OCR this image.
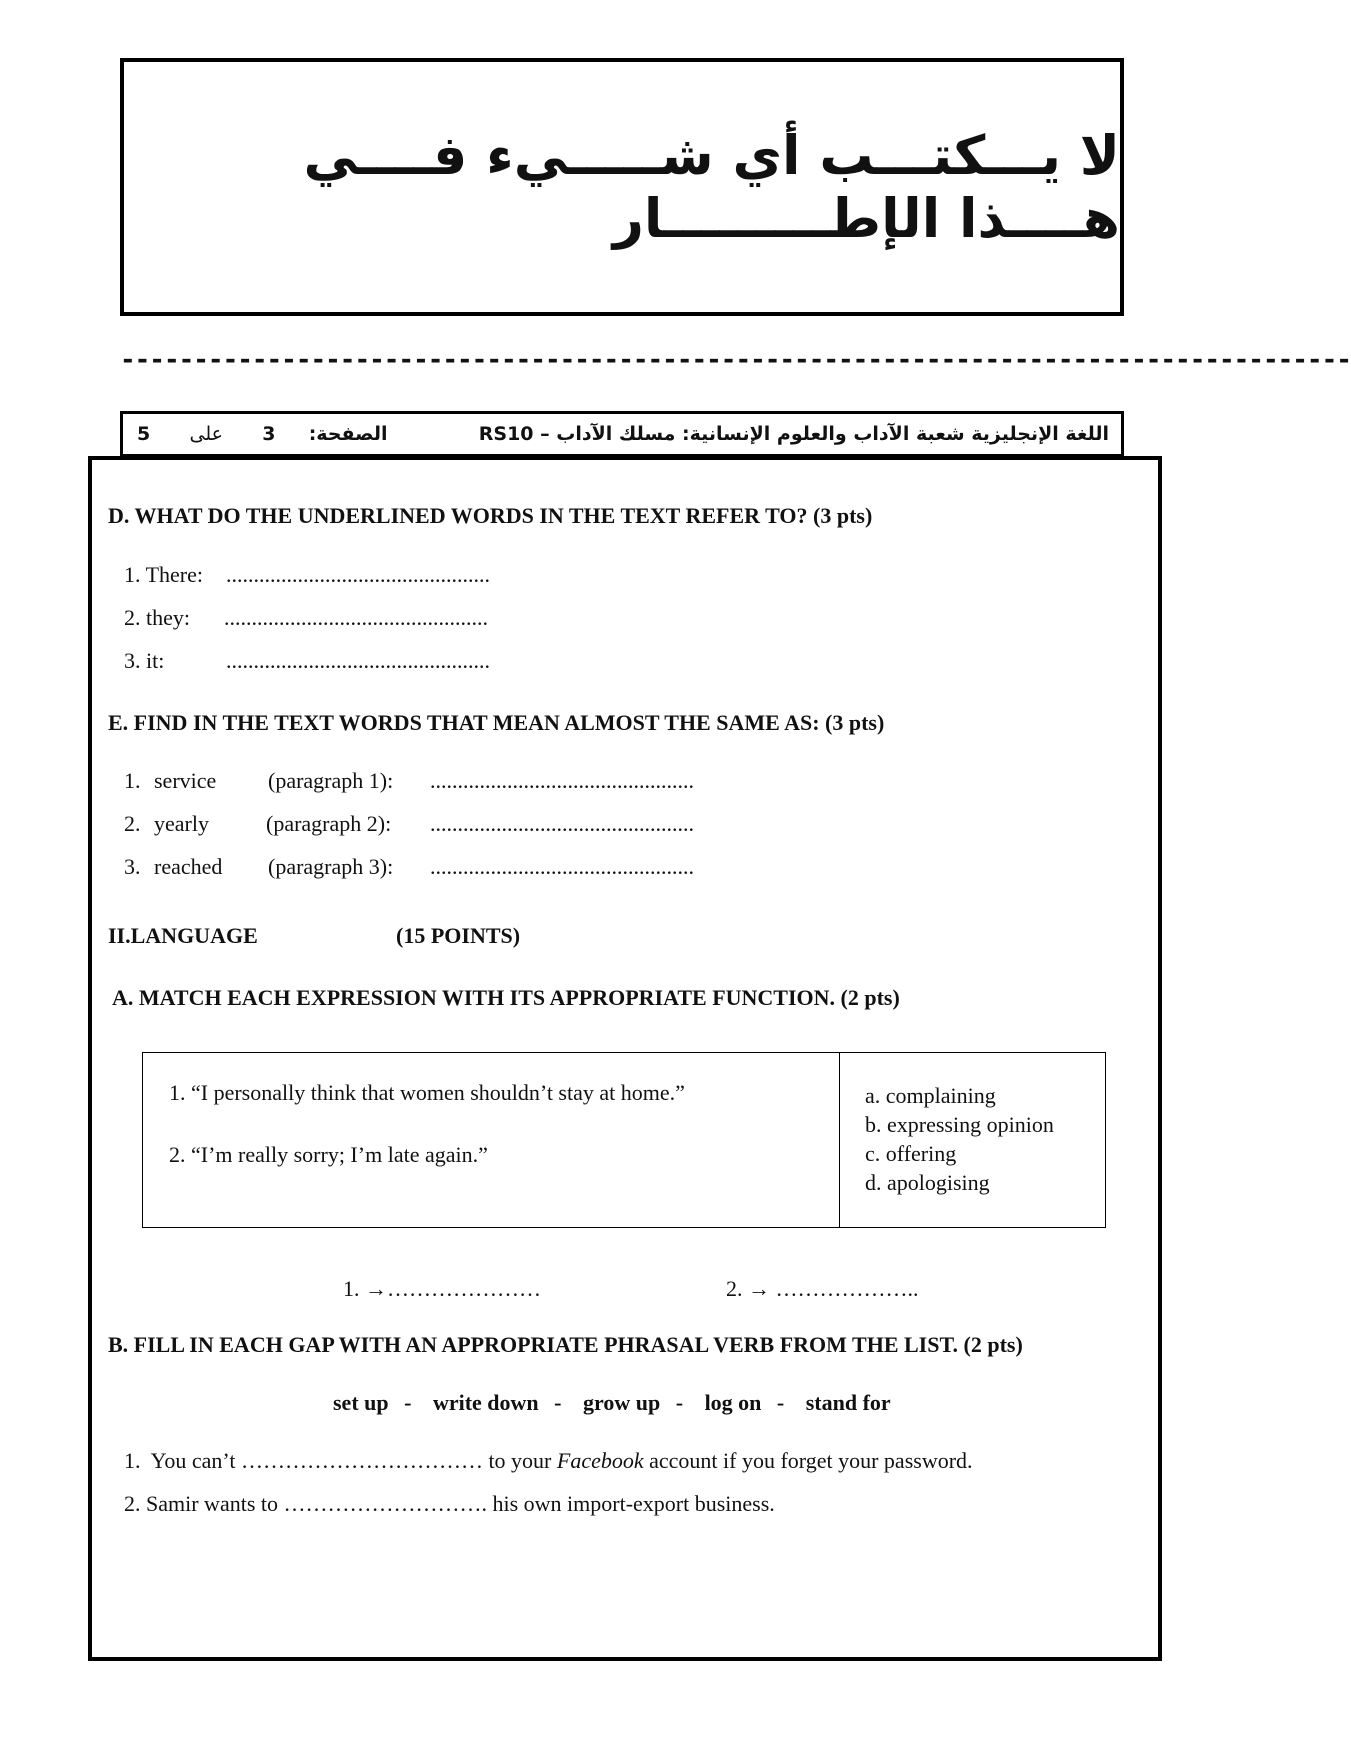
لا يـــكتـــب أي شـــــيء فــــي هــــذا الإطـــــــــار
------------------------------------------------------------------------------------
اللغة الإنجليزية شعبة الآداب والعلوم الإنسانية: مسلك الآداب – RS10
5 على 3 الصفحة:
D. WHAT DO THE UNDERLINED WORDS IN THE TEXT REFER TO? (3 pts)
1. There: ................................................
2. they: ................................................
3. it:	................................................
E. FIND IN THE TEXT WORDS THAT MEAN ALMOST THE SAME AS: (3 pts)
1. service (paragraph 1): ................................................
2. yearly	(paragraph 2): ................................................
3. reached (paragraph 3): ................................................
II.LANGUAGE	(15 POINTS)
A. MATCH EACH EXPRESSION WITH ITS APPROPRIATE FUNCTION. (2 pts)
1. “I personally think that women shouldn’t stay at home.”
2. “I’m really sorry; I’m late again.”
a. complaining
b. expressing opinion
c. offering
d. apologising
1. →…………………	2. → ………………..
B. FILL IN EACH GAP WITH AN APPROPRIATE PHRASAL VERB FROM THE LIST. (2 pts)
set up - write down - grow up - log on - stand for
1.  You can’t …………………………… to your Facebook account if you forget your password.
2. Samir wants to ………………………. his own import-export business.
